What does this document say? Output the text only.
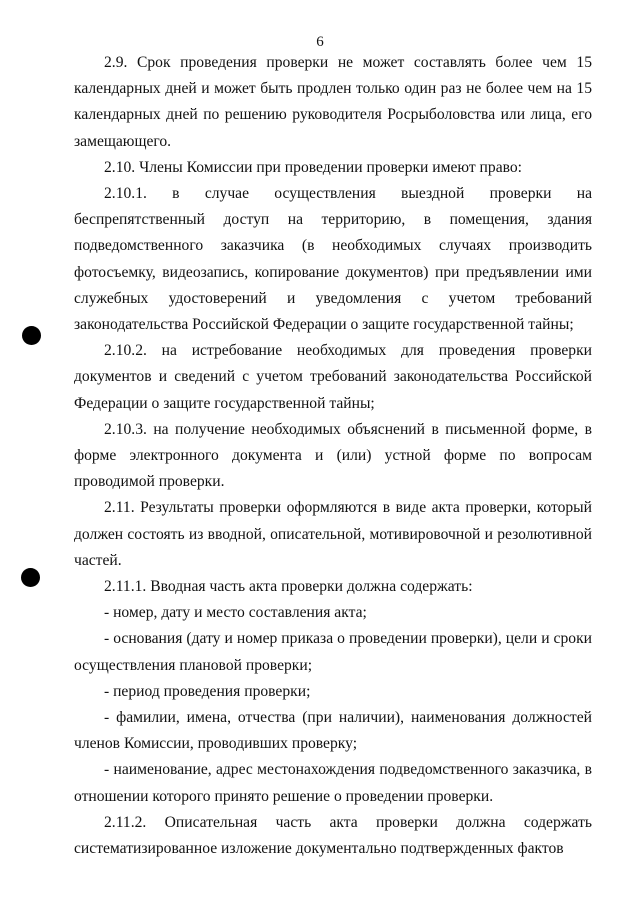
6

2.9. Срок проведения проверки не может составлять более чем 15 календарных дней и может быть продлен только один раз не более чем на 15 календарных дней по решению руководителя Росрыболовства или лица, его замещающего.

2.10. Члены Комиссии при проведении проверки имеют право:

2.10.1. в случае осуществления выездной проверки на беспрепятственный доступ на территорию, в помещения, здания подведомственного заказчика (в необходимых случаях производить фотосъемку, видеозапись, копирование документов) при предъявлении ими служебных удостоверений и уведомления с учетом требований законодательства Российской Федерации о защите государственной тайны;

2.10.2. на истребование необходимых для проведения проверки документов и сведений с учетом требований законодательства Российской Федерации о защите государственной тайны;

2.10.3. на получение необходимых объяснений в письменной форме, в форме электронного документа и (или) устной форме по вопросам проводимой проверки.

2.11. Результаты проверки оформляются в виде акта проверки, который должен состоять из вводной, описательной, мотивировочной и резолютивной частей.

2.11.1. Вводная часть акта проверки должна содержать:

- номер, дату и место составления акта;

- основания (дату и номер приказа о проведении проверки), цели и сроки осуществления плановой проверки;

- период проведения проверки;

- фамилии, имена, отчества (при наличии), наименования должностей членов Комиссии, проводивших проверку;

- наименование, адрес местонахождения подведомственного заказчика, в отношении которого принято решение о проведении проверки.

2.11.2. Описательная часть акта проверки должна содержать систематизированное изложение документально подтвержденных фактов
